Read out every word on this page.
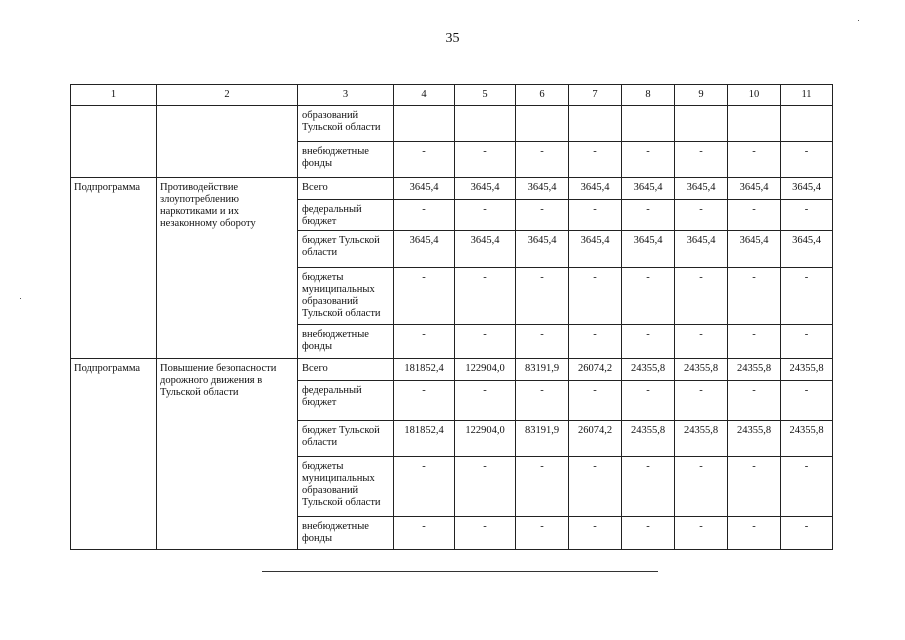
35
1	2	3	4	5	6	7	8	9	10	11
		образований Тульской области								
		внебюджетные фонды	-	-	-	-	-	-	-	-
Подпрограмма	Противодействие злоупотреблению наркотиками и их незаконному обороту	Всего	3645,4	3645,4	3645,4	3645,4	3645,4	3645,4	3645,4	3645,4
		федеральный бюджет	-	-	-	-	-	-	-	-
		бюджет Тульской области	3645,4	3645,4	3645,4	3645,4	3645,4	3645,4	3645,4	3645,4
		бюджеты муниципальных образований Тульской области	-	-	-	-	-	-	-	-
		внебюджетные фонды	-	-	-	-	-	-	-	-
Подпрограмма	Повышение безопасности дорожного движения в Тульской области	Всего	181852,4	122904,0	83191,9	26074,2	24355,8	24355,8	24355,8	24355,8
		федеральный бюджет	-	-	-	-	-	-	-	-
		бюджет Тульской области	181852,4	122904,0	83191,9	26074,2	24355,8	24355,8	24355,8	24355,8
		бюджеты муниципальных образований Тульской области	-	-	-	-	-	-	-	-
		внебюджетные фонды	-	-	-	-	-	-	-	-
